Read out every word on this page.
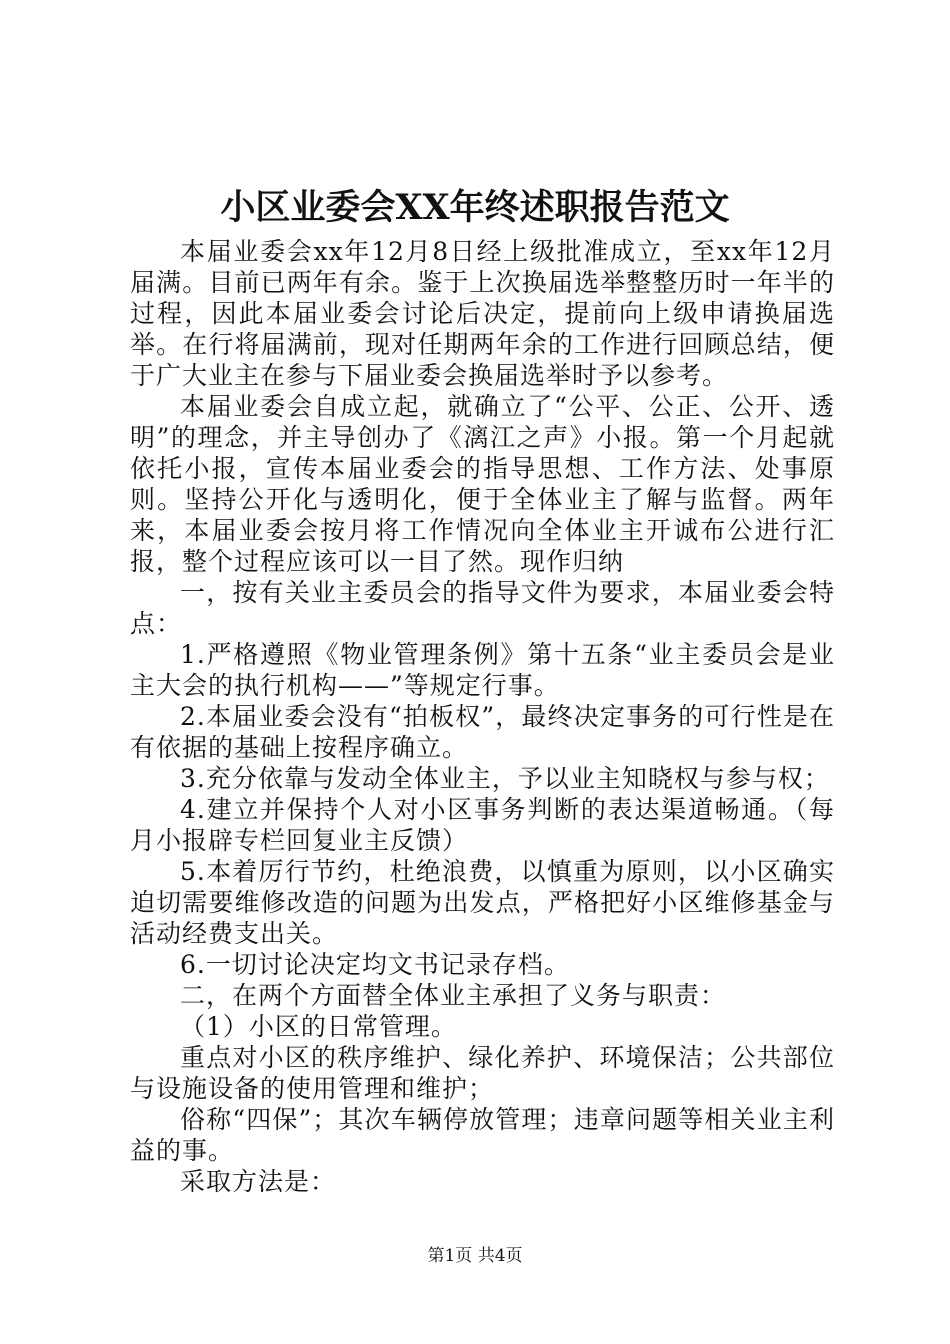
小区业委会XX年终述职报告范文

本届业委会xx年12月8日经上级批准成立，至xx年12月届满。目前已两年有余。鉴于上次换届选举整整历时一年半的过程，因此本届业委会讨论后决定，提前向上级申请换届选举。在行将届满前，现对任期两年余的工作进行回顾总结，便于广大业主在参与下届业委会换届选举时予以参考。

本届业委会自成立起，就确立了“公平、公正、公开、透明”的理念，并主导创办了《漓江之声》小报。第一个月起就依托小报，宣传本届业委会的指导思想、工作方法、处事原则。坚持公开化与透明化，便于全体业主了解与监督。两年来，本届业委会按月将工作情况向全体业主开诚布公进行汇报，整个过程应该可以一目了然。现作归纳

一，按有关业主委员会的指导文件为要求，本届业委会特点：

1.严格遵照《物业管理条例》第十五条“业主委员会是业主大会的执行机构——”等规定行事。

2.本届业委会没有“拍板权”，最终决定事务的可行性是在有依据的基础上按程序确立。

3.充分依靠与发动全体业主，予以业主知晓权与参与权；

4.建立并保持个人对小区事务判断的表达渠道畅通。（每月小报辟专栏回复业主反馈）

5.本着厉行节约，杜绝浪费，以慎重为原则，以小区确实迫切需要维修改造的问题为出发点，严格把好小区维修基金与活动经费支出关。

6.一切讨论决定均文书记录存档。

二，在两个方面替全体业主承担了义务与职责：

（1）小区的日常管理。

重点对小区的秩序维护、绿化养护、环境保洁；公共部位与设施设备的使用管理和维护；

俗称“四保”；其次车辆停放管理；违章问题等相关业主利益的事。

采取方法是：

第1页 共4页
